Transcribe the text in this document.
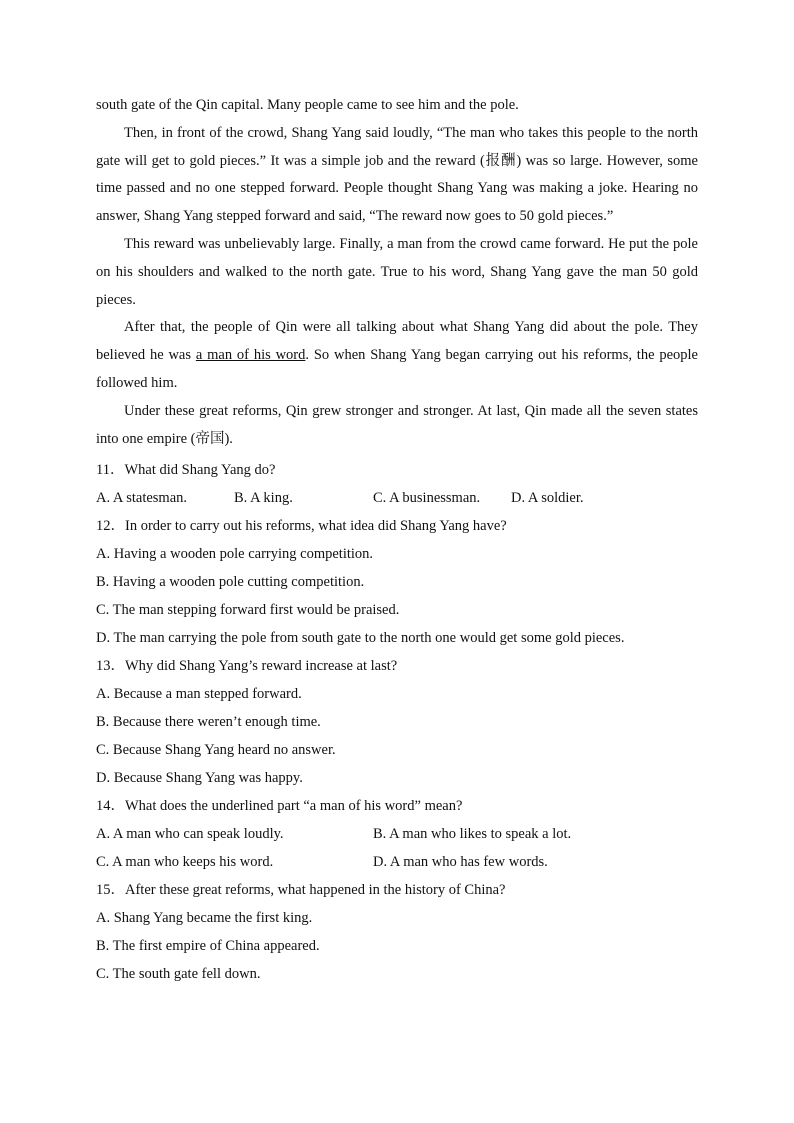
south gate of the Qin capital. Many people came to see him and the pole.

Then, in front of the crowd, Shang Yang said loudly, “The man who takes this people to the north gate will get to gold pieces.” It was a simple job and the reward (报酬) was so large. However, some time passed and no one stepped forward. People thought Shang Yang was making a joke. Hearing no answer, Shang Yang stepped forward and said, “The reward now goes to 50 gold pieces.”

This reward was unbelievably large. Finally, a man from the crowd came forward. He put the pole on his shoulders and walked to the north gate. True to his word, Shang Yang gave the man 50 gold pieces.

After that, the people of Qin were all talking about what Shang Yang did about the pole. They believed he was a man of his word. So when Shang Yang began carrying out his reforms, the people followed him.

Under these great reforms, Qin grew stronger and stronger. At last, Qin made all the seven states into one empire (帝国).

11．What did Shang Yang do?

A. A statesman.	B. A king.	C. A businessman.	D. A soldier.

12．In order to carry out his reforms, what idea did Shang Yang have?

A. Having a wooden pole carrying competition.

B. Having a wooden pole cutting competition.

C. The man stepping forward first would be praised.

D. The man carrying the pole from south gate to the north one would get some gold pieces.

13．Why did Shang Yang’s reward increase at last?

A. Because a man stepped forward.

B. Because there weren’t enough time.

C. Because Shang Yang heard no answer.

D. Because Shang Yang was happy.

14．What does the underlined part “a man of his word” mean?

A. A man who can speak loudly.	B. A man who likes to speak a lot.
C. A man who keeps his word.	D. A man who has few words.

15．After these great reforms, what happened in the history of China?

A. Shang Yang became the first king.

B. The first empire of China appeared.

C. The south gate fell down.
